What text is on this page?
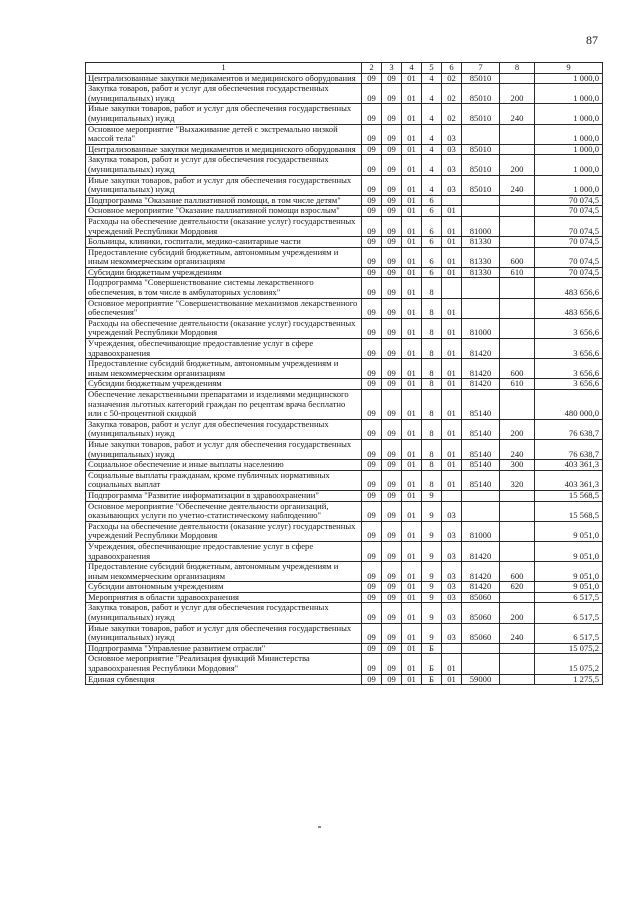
87
1	2	3	4	5	6	7	8	9
Централизованные закупки медикаментов и медицинского оборудования	09	09	01	4	02	85010		1 000,0
Закупка товаров, работ и услуг для обеспечения государственных (муниципальных) нужд	09	09	01	4	02	85010	200	1 000,0
Иные закупки товаров, работ и услуг для обеспечения государственных (муниципальных) нужд	09	09	01	4	02	85010	240	1 000,0
Основное мероприятие "Выхаживание детей с экстремально низкой массой тела"	09	09	01	4	03			1 000,0
Централизованные закупки медикаментов и медицинского оборудования	09	09	01	4	03	85010		1 000,0
Закупка товаров, работ и услуг для обеспечения государственных (муниципальных) нужд	09	09	01	4	03	85010	200	1 000,0
Иные закупки товаров, работ и услуг для обеспечения государственных (муниципальных) нужд	09	09	01	4	03	85010	240	1 000,0
Подпрограмма "Оказание паллиативной помощи, в том числе детям"	09	09	01	6				70 074,5
Основное мероприятие "Оказание паллиативной помощи взрослым"	09	09	01	6	01			70 074,5
Расходы на обеспечение деятельности (оказание услуг) государственных учреждений Республики Мордовия	09	09	01	6	01	81000		70 074,5
Больницы, клиники, госпитали, медико-санитарные части	09	09	01	6	01	81330		70 074,5
Предоставление субсидий бюджетным, автономным учреждениям и иным некоммерческим организациям	09	09	01	6	01	81330	600	70 074,5
Субсидии бюджетным учреждениям	09	09	01	6	01	81330	610	70 074,5
Подпрограмма "Совершенствование системы лекарственного обеспечения, в том числе в амбулаторных условиях"	09	09	01	8				483 656,6
Основное мероприятие "Совершенствование механизмов лекарственного обеспечения"	09	09	01	8	01			483 656,6
Расходы на обеспечение деятельности (оказание услуг) государственных учреждений Республики Мордовия	09	09	01	8	01	81000		3 656,6
Учреждения, обеспечивающие предоставление услуг в сфере здравоохранения	09	09	01	8	01	81420		3 656,6
Предоставление субсидий бюджетным, автономным учреждениям и иным некоммерческим организациям	09	09	01	8	01	81420	600	3 656,6
Субсидии бюджетным учреждениям	09	09	01	8	01	81420	610	3 656,6
Обеспечение лекарственными препаратами и изделиями медицинского назначения льготных категорий граждан по рецептам врача бесплатно или с 50-процентной скидкой	09	09	01	8	01	85140		480 000,0
Закупка товаров, работ и услуг для обеспечения государственных (муниципальных) нужд	09	09	01	8	01	85140	200	76 638,7
Иные закупки товаров, работ и услуг для обеспечения государственных (муниципальных) нужд	09	09	01	8	01	85140	240	76 638,7
Социальное обеспечение и иные выплаты населению	09	09	01	8	01	85140	300	403 361,3
Социальные выплаты гражданам, кроме публичных нормативных социальных выплат	09	09	01	8	01	85140	320	403 361,3
Подпрограмма "Развитие информатизации в здравоохранении"	09	09	01	9				15 568,5
Основное мероприятие "Обеспечение деятельности организаций, оказывающих услуги по учетно-статистическому наблюдению"	09	09	01	9	03			15 568,5
Расходы на обеспечение деятельности (оказание услуг) государственных учреждений Республики Мордовия	09	09	01	9	03	81000		9 051,0
Учреждения, обеспечивающие предоставление услуг в сфере здравоохранения	09	09	01	9	03	81420		9 051,0
Предоставление субсидий бюджетным, автономным учреждениям и иным некоммерческим организациям	09	09	01	9	03	81420	600	9 051,0
Субсидии автономным учреждениям	09	09	01	9	03	81420	620	9 051,0
Мероприятия в области здравоохранения	09	09	01	9	03	85060		6 517,5
Закупка товаров, работ и услуг для обеспечения государственных (муниципальных) нужд	09	09	01	9	03	85060	200	6 517,5
Иные закупки товаров, работ и услуг для обеспечения государственных (муниципальных) нужд	09	09	01	9	03	85060	240	6 517,5
Подпрограмма "Управление развитием отрасли"	09	09	01	Б				15 075,2
Основное мероприятие "Реализация функций Министерства здравоохранения Республики Мордовия"	09	09	01	Б	01			15 075,2
Единая субвенция	09	09	01	Б	01	59000		1 275,5
